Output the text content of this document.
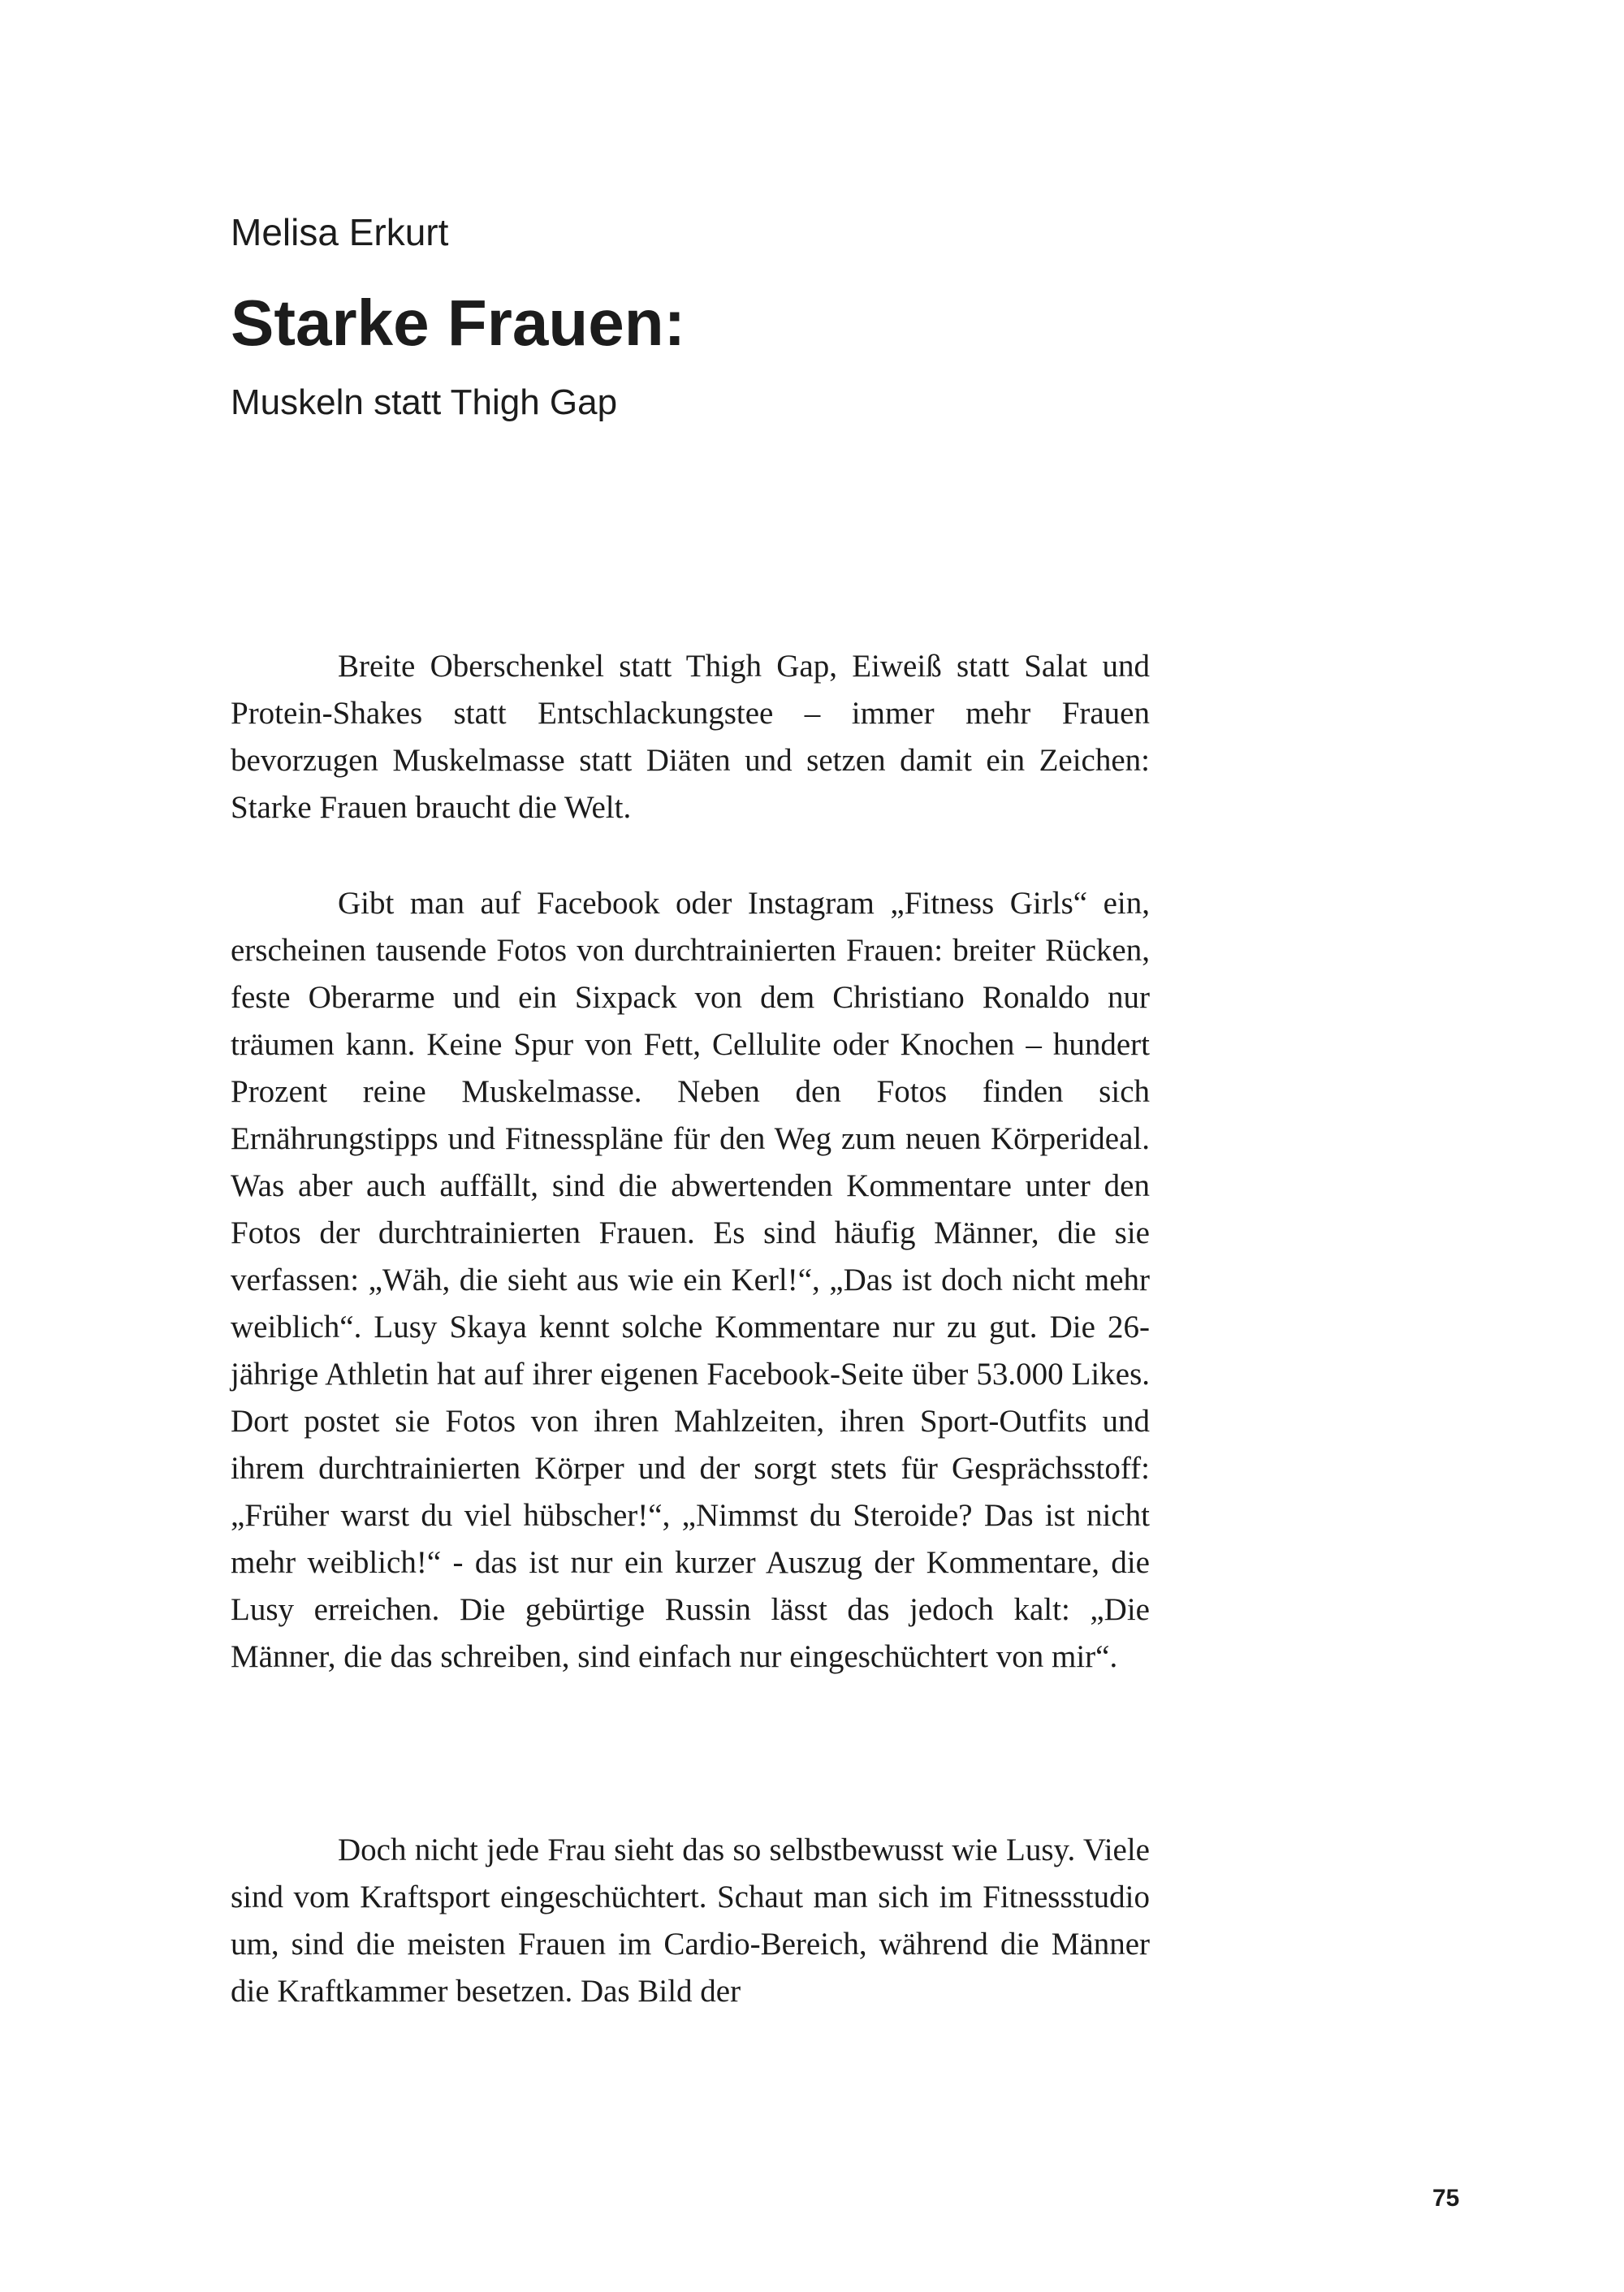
Melisa Erkurt
Starke Frauen:
Muskeln statt Thigh Gap

Breite Oberschenkel statt Thigh Gap, Eiweiß statt Salat und Protein-Shakes statt Entschlackungstee – immer mehr Frauen bevorzugen Muskelmasse statt Diäten und setzen damit ein Zeichen: Starke Frauen braucht die Welt.

Gibt man auf Facebook oder Instagram „Fitness Girls“ ein, erscheinen tausende Fotos von durchtrainierten Frauen: breiter Rücken, feste Oberarme und ein Sixpack von dem Christiano Ronaldo nur träumen kann. Keine Spur von Fett, Cellulite oder Knochen – hundert Prozent reine Muskelmasse. Neben den Fotos finden sich Ernährungstipps und Fitnesspläne für den Weg zum neuen Körperideal. Was aber auch auffällt, sind die abwertenden Kommentare unter den Fotos der durchtrainierten Frauen. Es sind häufig Männer, die sie verfassen: „Wäh, die sieht aus wie ein Kerl!“, „Das ist doch nicht mehr weiblich“. Lusy Skaya kennt solche Kommentare nur zu gut. Die 26-jährige Athletin hat auf ihrer eigenen Facebook-Seite über 53.000 Likes. Dort postet sie Fotos von ihren Mahlzeiten, ihren Sport-Outfits und ihrem durchtrainierten Körper und der sorgt stets für Gesprächsstoff: „Früher warst du viel hübscher!“, „Nimmst du Steroide? Das ist nicht mehr weiblich!“ - das ist nur ein kurzer Auszug der Kommentare, die Lusy erreichen. Die gebürtige Russin lässt das jedoch kalt: „Die Männer, die das schreiben, sind einfach nur eingeschüchtert von mir“.

Doch nicht jede Frau sieht das so selbstbewusst wie Lusy. Viele sind vom Kraftsport eingeschüchtert. Schaut man sich im Fitnessstudio um, sind die meisten Frauen im Cardio-Bereich, während die Männer die Kraftkammer besetzen. Das Bild der

75
